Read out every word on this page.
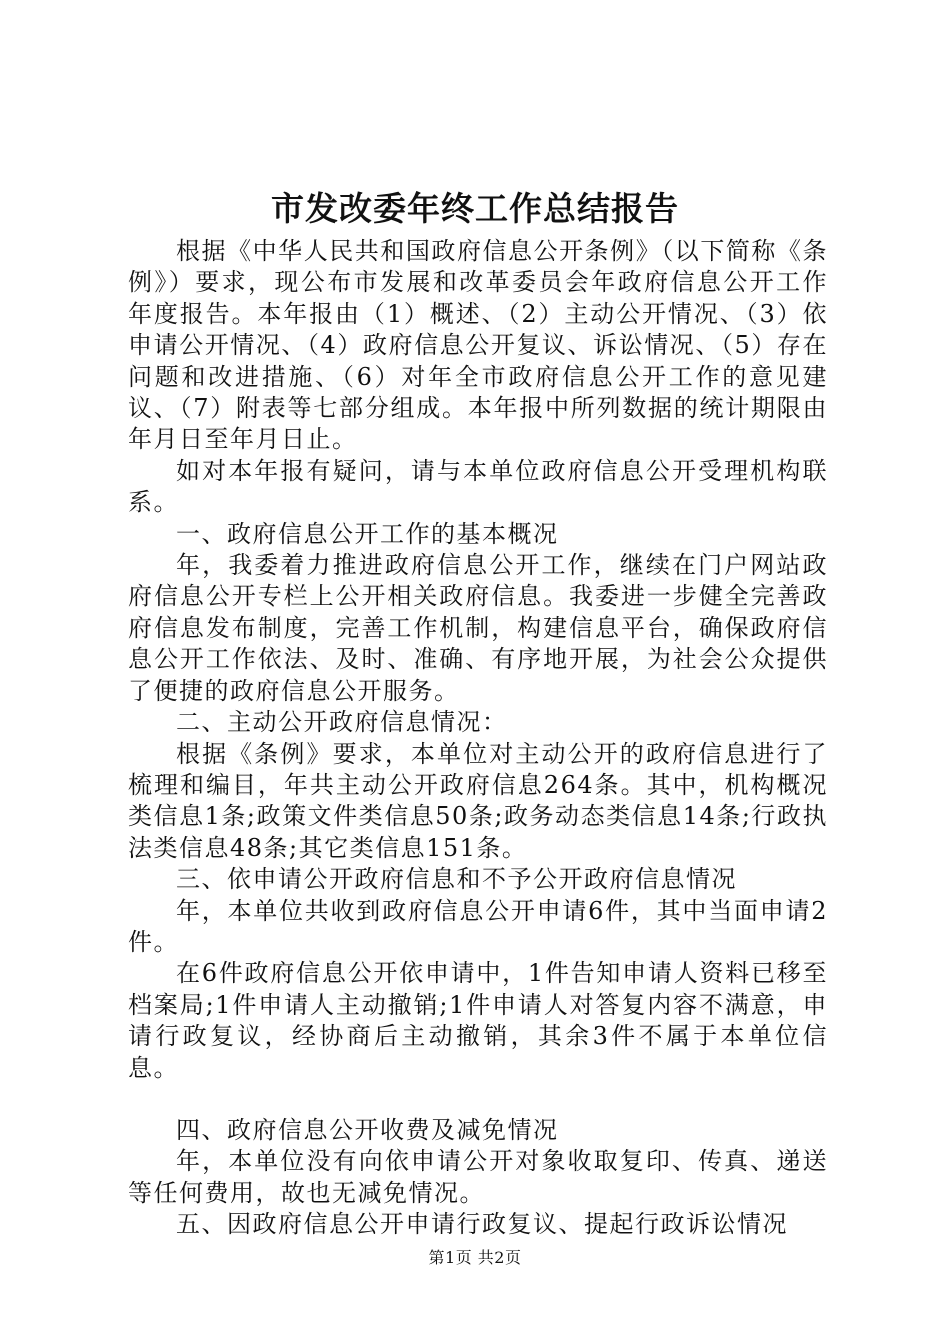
市发改委年终工作总结报告

根据《中华人民共和国政府信息公开条例》（以下简称《条例》）要求，现公布市发展和改革委员会年政府信息公开工作年度报告。本年报由（1）概述、（2）主动公开情况、（3）依申请公开情况、（4）政府信息公开复议、诉讼情况、（5）存在问题和改进措施、（6）对年全市政府信息公开工作的意见建议、（7）附表等七部分组成。本年报中所列数据的统计期限由年月日至年月日止。

如对本年报有疑问，请与本单位政府信息公开受理机构联系。

一、政府信息公开工作的基本概况

年，我委着力推进政府信息公开工作，继续在门户网站政府信息公开专栏上公开相关政府信息。我委进一步健全完善政府信息发布制度，完善工作机制，构建信息平台，确保政府信息公开工作依法、及时、准确、有序地开展，为社会公众提供了便捷的政府信息公开服务。

二、主动公开政府信息情况：

根据《条例》要求，本单位对主动公开的政府信息进行了梳理和编目，年共主动公开政府信息264条。其中，机构概况类信息1条;政策文件类信息50条;政务动态类信息14条;行政执法类信息48条;其它类信息151条。

三、依申请公开政府信息和不予公开政府信息情况

年，本单位共收到政府信息公开申请6件，其中当面申请2件。

在6件政府信息公开依申请中，1件告知申请人资料已移至档案局;1件申请人主动撤销;1件申请人对答复内容不满意，申请行政复议，经协商后主动撤销，其余3件不属于本单位信息。

四、政府信息公开收费及减免情况

年，本单位没有向依申请公开对象收取复印、传真、递送等任何费用，故也无减免情况。

五、因政府信息公开申请行政复议、提起行政诉讼情况

第1页 共2页
